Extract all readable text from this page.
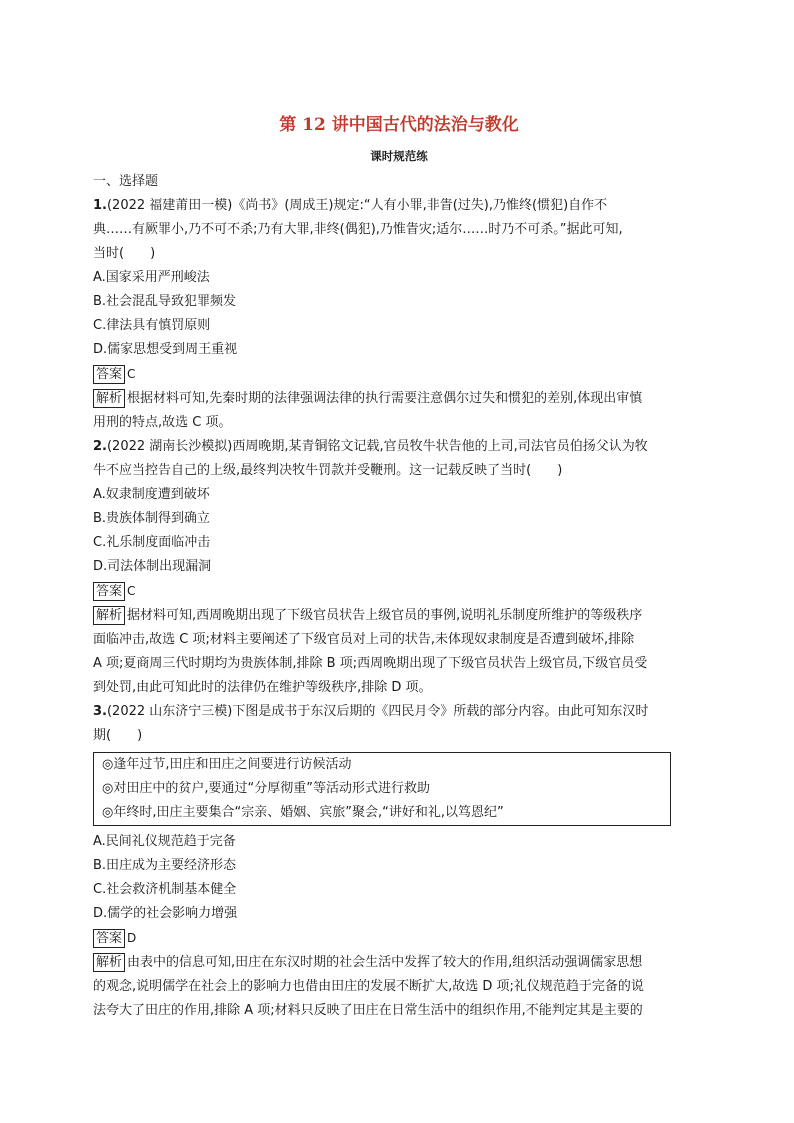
第 12 讲中国古代的法治与教化
课时规范练
一、选择题
1.(2022 福建莆田一模)《尚书》(周成王)规定:“人有小罪,非眚(过失),乃惟终(惯犯)自作不
典……有厥罪小,乃不可不杀;乃有大罪,非终(偶犯),乃惟眚灾;适尔……时乃不可杀。”据此可知,
当时(　　)
A.国家采用严刑峻法
B.社会混乱导致犯罪频发
C.律法具有慎罚原则
D.儒家思想受到周王重视
答案 C
解析 根据材料可知,先秦时期的法律强调法律的执行需要注意偶尔过失和惯犯的差别,体现出审慎
用刑的特点,故选 C 项。
2.(2022 湖南长沙模拟)西周晚期,某青铜铭文记载,官员牧牛状告他的上司,司法官员伯扬父认为牧
牛不应当控告自己的上级,最终判决牧牛罚款并受鞭刑。这一记载反映了当时(　　)
A.奴隶制度遭到破坏
B.贵族体制得到确立
C.礼乐制度面临冲击
D.司法体制出现漏洞
答案 C
解析 据材料可知,西周晚期出现了下级官员状告上级官员的事例,说明礼乐制度所维护的等级秩序
面临冲击,故选 C 项;材料主要阐述了下级官员对上司的状告,未体现奴隶制度是否遭到破坏,排除
A 项;夏商周三代时期均为贵族体制,排除 B 项;西周晚期出现了下级官员状告上级官员,下级官员受
到处罚,由此可知此时的法律仍在维护等级秩序,排除 D 项。
3.(2022 山东济宁三模)下图是成书于东汉后期的《四民月令》所载的部分内容。由此可知东汉时
期(　　)
◎逢年过节,田庄和田庄之间要进行访候活动
◎对田庄中的贫户,要通过“分厚彻重”等活动形式进行救助
◎年终时,田庄主要集合“宗亲、婚姻、宾旅”聚会,“讲好和礼,以笃恩纪”
A.民间礼仪规范趋于完备
B.田庄成为主要经济形态
C.社会救济机制基本健全
D.儒学的社会影响力增强
答案 D
解析 由表中的信息可知,田庄在东汉时期的社会生活中发挥了较大的作用,组织活动强调儒家思想
的观念,说明儒学在社会上的影响力也借由田庄的发展不断扩大,故选 D 项;礼仪规范趋于完备的说
法夸大了田庄的作用,排除 A 项;材料只反映了田庄在日常生活中的组织作用,不能判定其是主要的
